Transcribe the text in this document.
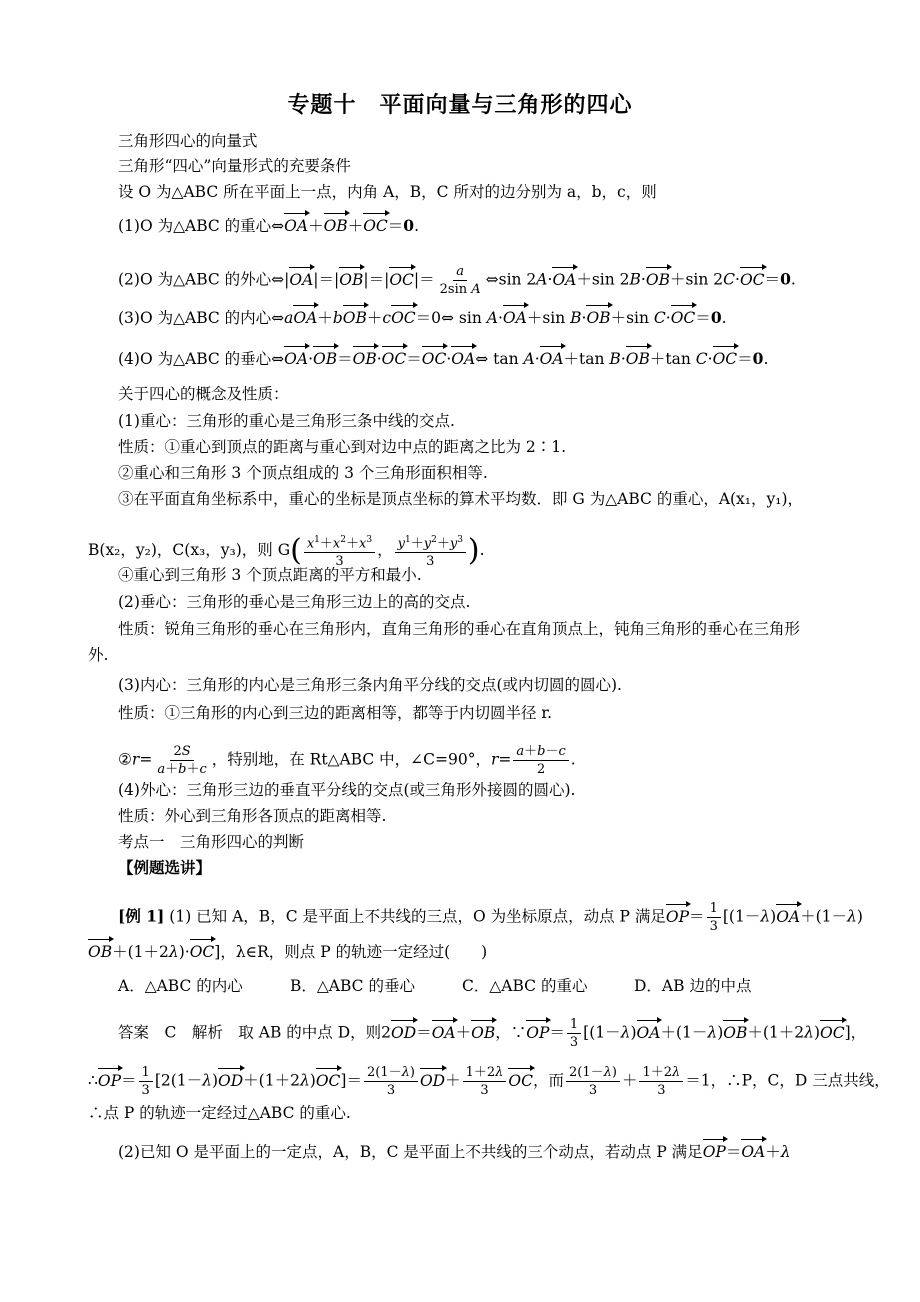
专题十　平面向量与三角形的四心
三角形四心的向量式
三角形“四心”向量形式的充要条件
设 O 为△ABC 所在平面上一点，内角 A，B，C 所对的边分别为 a，b，c，则
(1)O 为△ABC 的重心⇔OA＋OB＋OC＝0.
(2)O 为△ABC 的外心⇔|OA|＝|OB|＝|OC|＝ $\frac{a}{\text{2sin A}}$ ⇔sin 2A·OA＋sin 2B·OB＋sin 2C·OC＝0.
(3)O 为△ABC 的内心⇔aOA＋bOB＋cOC＝0⇔ sin A·OA＋sin B·OB＋sin C·OC＝0.
(4)O 为△ABC 的垂心⇔OA·OB＝OB·OC＝OC·OA⇔ tan A·OA＋tan B·OB＋tan C·OC＝0.
关于四心的概念及性质：
(1)重心：三角形的重心是三角形三条中线的交点.
性质：①重心到顶点的距离与重心到对边中点的距离之比为 2∶1.
②重心和三角形 3 个顶点组成的 3 个三角形面积相等.
③在平面直角坐标系中，重心的坐标是顶点坐标的算术平均数．即 G 为△ABC 的重心，A(x₁，y₁)，
B(x₂，y₂)，C(x₃，y₃)，则 $G( \frac{x^1+x^2+x^3}{3}$ ， $\frac{y^1+y^2+y^3}{3}$ ).
④重心到三角形 3 个顶点距离的平方和最小.
(2)垂心：三角形的垂心是三角形三边上的高的交点.
性质：锐角三角形的垂心在三角形内，直角三角形的垂心在直角顶点上，钝角三角形的垂心在三角形
外.
(3)内心：三角形的内心是三角形三条内角平分线的交点(或内切圆的圆心).
性质：①三角形的内心到三边的距离相等，都等于内切圆半径 r.
②r= $\frac{2S}{a+b+c}$ ，特别地，在 Rt△ABC 中，∠C=90°，$r= \frac{a+b-c}{2}$ .
(4)外心：三角形三边的垂直平分线的交点(或三角形外接圆的圆心).
性质：外心到三角形各顶点的距离相等.
考点一　三角形四心的判断
【例题选讲】
[例 1] (1) 已知 A，B，C 是平面上不共线的三点，O 为坐标原点，动点 P 满足$OP= \frac{1}{3} [(1-\lambda)OA+(1-\lambda)$
OB＋(1＋2λ)·OC]，λ∈R，则点 P 的轨迹一定经过(　　)
A．△ABC 的内心	B．△ABC 的垂心	C．△ABC 的重心	D．AB 边的中点
答案　C　解析　取 AB 的中点 D，则2OD＝OA＋OB，∵OP＝ $\frac{1}{3} [(1-\lambda)OA+(1-\lambda)OB+(1+2\lambda)OC]$，
∴OP＝ $\frac{1}{3} [2(1-\lambda)OD+(1+2\lambda)OC]= \frac{2(1-\lambda)}{3} OD+ \frac{1+2\lambda}{3}$ OC，而 $\frac{2(1-\lambda)}{3} + \frac{1+2\lambda}{3} =1$，∴P，C，D 三点共线，
∴点 P 的轨迹一定经过△ABC 的重心.
(2)已知 O 是平面上的一定点，A，B，C 是平面上不共线的三个动点，若动点 P 满足OP＝OA＋λ
